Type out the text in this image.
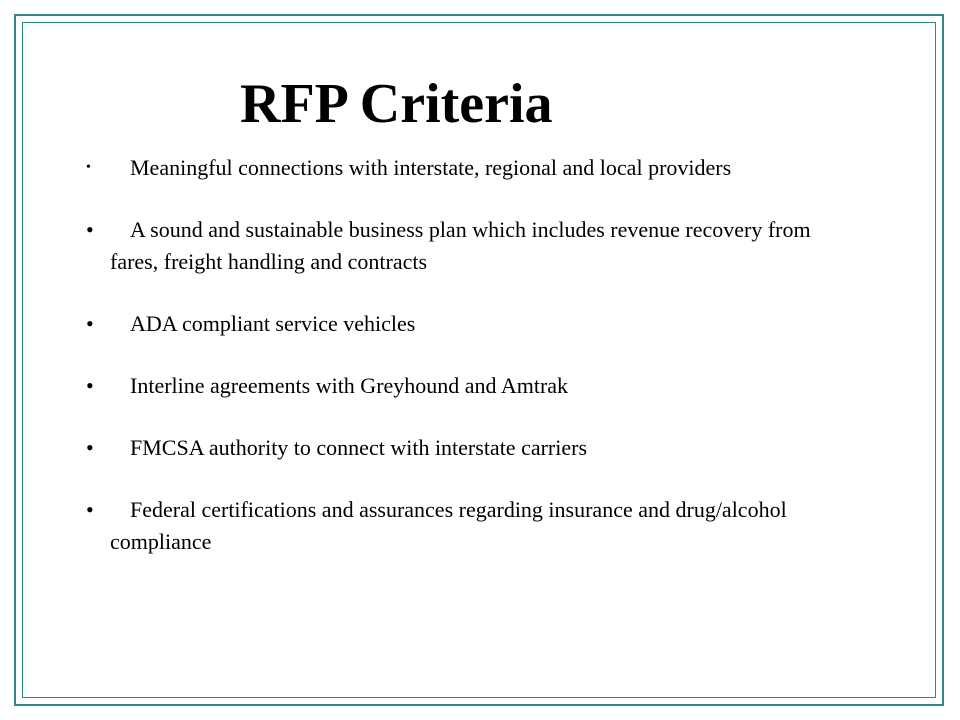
RFP Criteria
•	Meaningful connections with interstate, regional and local providers
•	A sound and sustainable business plan which includes revenue recovery from fares, freight handling and contracts
•	ADA compliant service vehicles
•	Interline agreements with Greyhound and Amtrak
•	FMCSA authority to connect with interstate carriers
•	Federal certifications and assurances regarding insurance and drug/alcohol compliance
